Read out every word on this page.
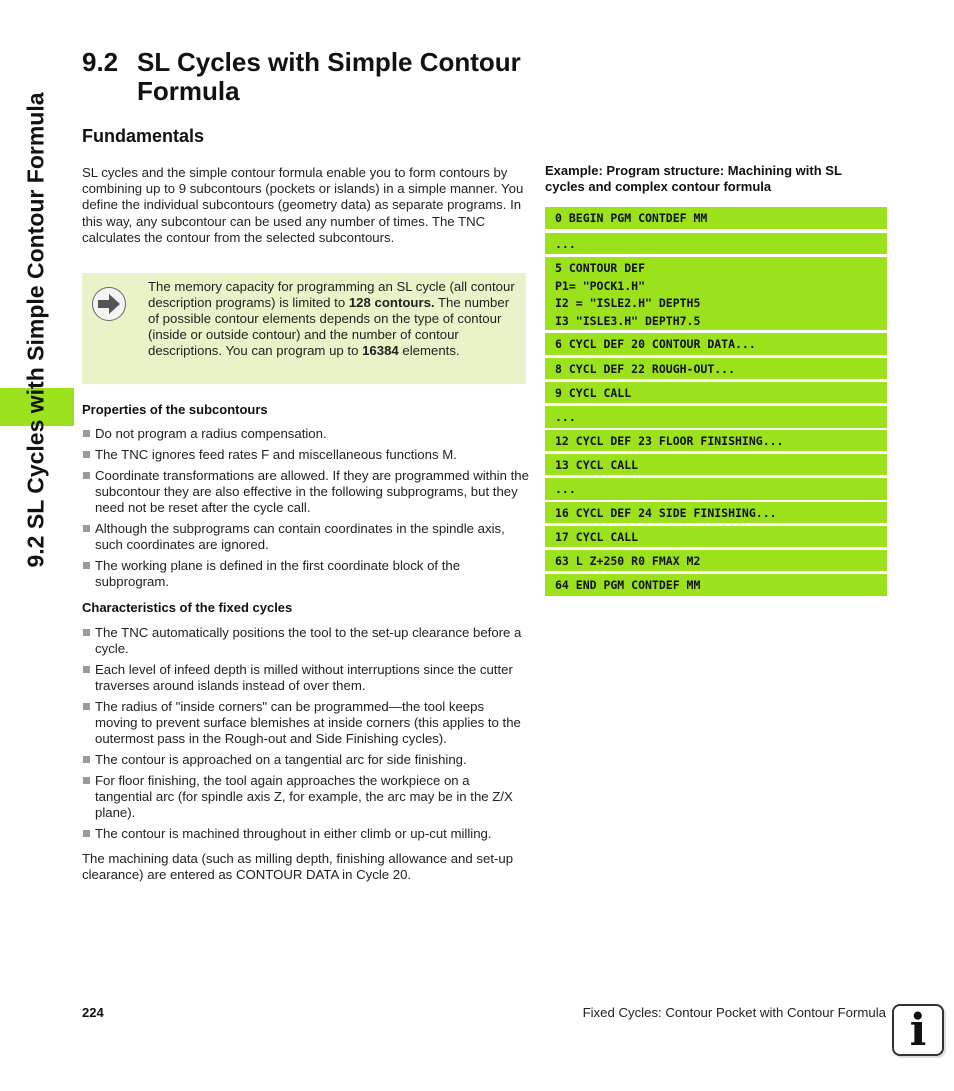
9.2 SL Cycles with Simple Contour Formula
9.2 SL Cycles with Simple Contour Formula
Fundamentals
SL cycles and the simple contour formula enable you to form contours by combining up to 9 subcontours (pockets or islands) in a simple manner. You define the individual subcontours (geometry data) as separate programs. In this way, any subcontour can be used any number of times. The TNC calculates the contour from the selected subcontours.
The memory capacity for programming an SL cycle (all contour description programs) is limited to 128 contours. The number of possible contour elements depends on the type of contour (inside or outside contour) and the number of contour descriptions. You can program up to 16384 elements.
Properties of the subcontours
Do not program a radius compensation.
The TNC ignores feed rates F and miscellaneous functions M.
Coordinate transformations are allowed. If they are programmed within the subcontour they are also effective in the following subprograms, but they need not be reset after the cycle call.
Although the subprograms can contain coordinates in the spindle axis, such coordinates are ignored.
The working plane is defined in the first coordinate block of the subprogram.
Characteristics of the fixed cycles
The TNC automatically positions the tool to the set-up clearance before a cycle.
Each level of infeed depth is milled without interruptions since the cutter traverses around islands instead of over them.
The radius of "inside corners" can be programmed—the tool keeps moving to prevent surface blemishes at inside corners (this applies to the outermost pass in the Rough-out and Side Finishing cycles).
The contour is approached on a tangential arc for side finishing.
For floor finishing, the tool again approaches the workpiece on a tangential arc (for spindle axis Z, for example, the arc may be in the Z/X plane).
The contour is machined throughout in either climb or up-cut milling.
The machining data (such as milling depth, finishing allowance and set-up clearance) are entered as CONTOUR DATA in Cycle 20.
Example: Program structure: Machining with SL cycles and complex contour formula
0 BEGIN PGM CONTDEF MM
...
5 CONTOUR DEF
P1= "POCK1.H"
I2 = "ISLE2.H" DEPTH5
I3 "ISLE3.H" DEPTH7.5
6 CYCL DEF 20 CONTOUR DATA...
8 CYCL DEF 22 ROUGH-OUT...
9 CYCL CALL
...
12 CYCL DEF 23 FLOOR FINISHING...
13 CYCL CALL
...
16 CYCL DEF 24 SIDE FINISHING...
17 CYCL CALL
63 L Z+250 R0 FMAX M2
64 END PGM CONTDEF MM
224	Fixed Cycles: Contour Pocket with Contour Formula i
